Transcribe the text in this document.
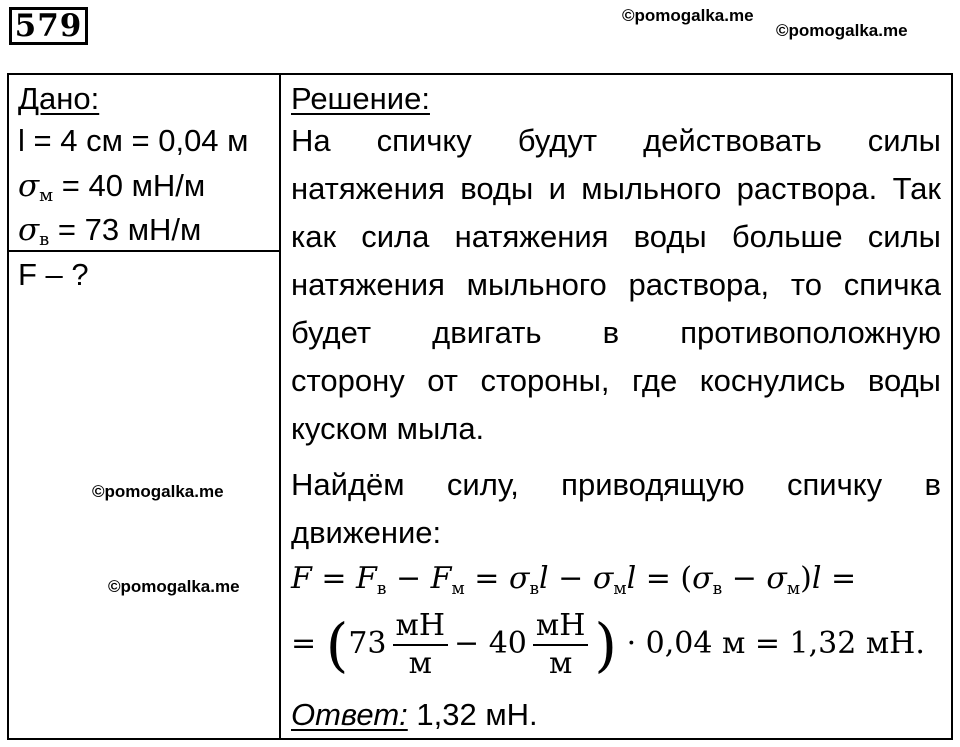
579	©pomogalka.me
©pomogalka.me
Дано:
l = 4 см = 0,04 м
$\sigma_м = 40$ мН/м
$\sigma_в = 73$ мН/м
F – ?
©pomogalka.me
©pomogalka.me
Решение:
На спичку будут действовать силы
натяжения воды и мыльного раствора. Так
как сила натяжения воды больше силы
натяжения мыльного раствора, то спичка
будет двигать в противоположную
сторону от стороны, где коснулись воды
куском мыла.
Найдём силу, приводящую спичку в
движение:
$F = F_в - F_м = \sigma_вl - \sigma_мl = (\sigma_в - \sigma_м)l$ =
= ($73 \frac{мН}{м} - 40 \frac{мН}{м}$ ) · 0,04 м = 1,32 мН.
Ответ: 1,32 мН.
